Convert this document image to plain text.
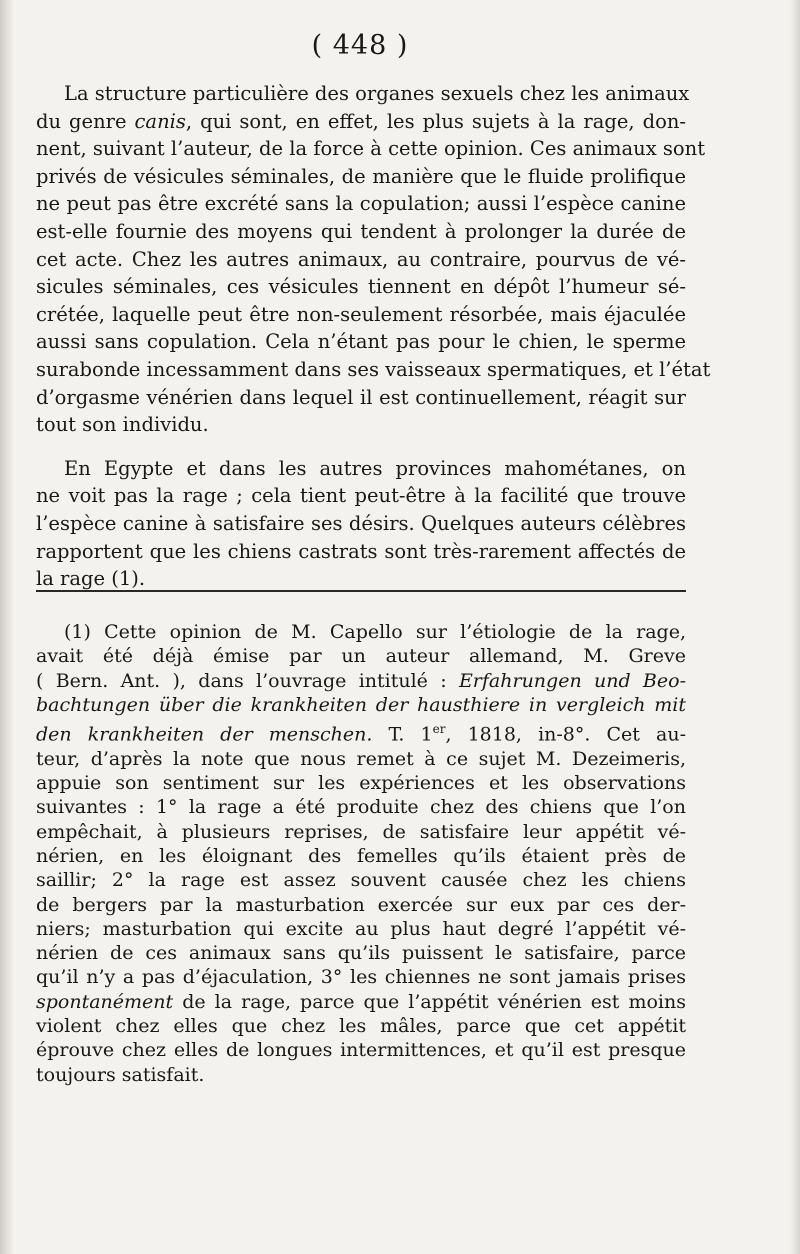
( 448 )

La structure particulière des organes sexuels chez les animaux
du genre canis, qui sont, en effet, les plus sujets à la rage, don-
nent, suivant l’auteur, de la force à cette opinion. Ces animaux sont
privés de vésicules séminales, de manière que le fluide prolifique
ne peut pas être excrété sans la copulation; aussi l’espèce canine
est-elle fournie des moyens qui tendent à prolonger la durée de
cet acte. Chez les autres animaux, au contraire, pourvus de vé-
sicules séminales, ces vésicules tiennent en dépôt l’humeur sé-
crétée, laquelle peut être non-seulement résorbée, mais éjaculée
aussi sans copulation. Cela n’étant pas pour le chien, le sperme
surabonde incessamment dans ses vaisseaux spermatiques, et l’état
d’orgasme vénérien dans lequel il est continuellement, réagit sur
tout son individu.

En Egypte et dans les autres provinces mahométanes, on
ne voit pas la rage ; cela tient peut-être à la facilité que trouve
l’espèce canine à satisfaire ses désirs. Quelques auteurs célèbres
rapportent que les chiens castrats sont très-rarement affectés de
la rage (1).

(1) Cette opinion de M. Capello sur l’étiologie de la rage,
avait été déjà émise par un auteur allemand, M. Greve
( Bern. Ant. ), dans l’ouvrage intitulé : Erfahrungen und Beo-
bachtungen über die krankheiten der hausthiere in vergleich mit
den krankheiten der menschen. T. 1er, 1818, in-8°. Cet au-
teur, d’après la note que nous remet à ce sujet M. Dezeimeris,
appuie son sentiment sur les expériences et les observations
suivantes : 1° la rage a été produite chez des chiens que l’on
empêchait, à plusieurs reprises, de satisfaire leur appétit vé-
nérien, en les éloignant des femelles qu’ils étaient près de
saillir; 2° la rage est assez souvent causée chez les chiens
de bergers par la masturbation exercée sur eux par ces der-
niers; masturbation qui excite au plus haut degré l’appétit vé-
nérien de ces animaux sans qu’ils puissent le satisfaire, parce
qu’il n’y a pas d’éjaculation, 3° les chiennes ne sont jamais prises
spontanément de la rage, parce que l’appétit vénérien est moins
violent chez elles que chez les mâles, parce que cet appétit
éprouve chez elles de longues intermittences, et qu’il est presque
toujours satisfait.
